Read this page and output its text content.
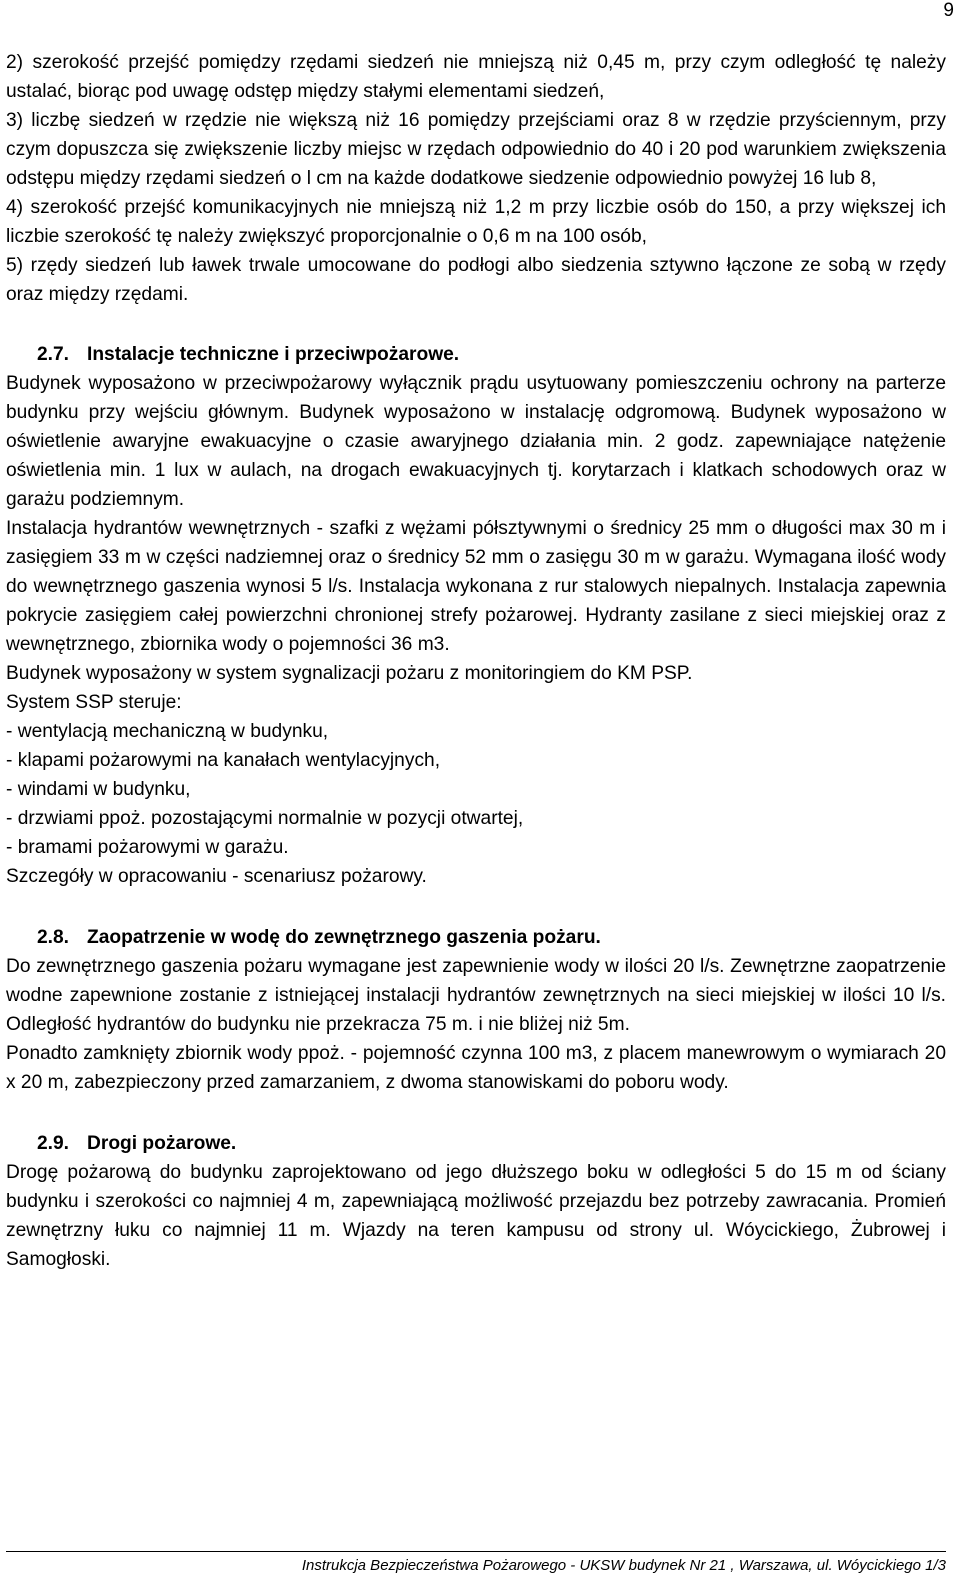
9

2) szerokość przejść pomiędzy rzędami siedzeń nie mniejszą niż 0,45 m, przy czym odległość tę należy ustalać, biorąc pod uwagę odstęp między stałymi elementami siedzeń,

3) liczbę siedzeń w rzędzie nie większą niż 16 pomiędzy przejściami oraz 8 w rzędzie przyściennym, przy czym dopuszcza się zwiększenie liczby miejsc w rzędach odpowiednio do 40 i 20 pod warunkiem zwiększenia odstępu między rzędami siedzeń o l cm na każde dodatkowe siedzenie odpowiednio powyżej 16 lub 8,

4) szerokość przejść komunikacyjnych nie mniejszą niż 1,2 m przy liczbie osób do 150, a przy większej ich liczbie szerokość tę należy zwiększyć proporcjonalnie o 0,6 m na 100 osób,

5) rzędy siedzeń lub ławek trwale umocowane do podłogi albo siedzenia sztywno łączone ze sobą w rzędy oraz między rzędami.

2.7. Instalacje techniczne i przeciwpożarowe.

Budynek wyposażono w przeciwpożarowy wyłącznik prądu usytuowany pomieszczeniu ochrony na parterze budynku przy wejściu głównym. Budynek wyposażono w instalację odgromową. Budynek wyposażono w oświetlenie awaryjne ewakuacyjne o czasie awaryjnego działania min. 2 godz. zapewniające natężenie oświetlenia min. 1 lux w aulach, na drogach ewakuacyjnych tj. korytarzach i klatkach schodowych oraz w garażu podziemnym.

Instalacja hydrantów wewnętrznych - szafki z wężami półsztywnymi o średnicy 25 mm o długości max 30 m i zasięgiem 33 m w części nadziemnej oraz o średnicy 52 mm o zasięgu 30 m w garażu. Wymagana ilość wody do wewnętrznego gaszenia wynosi 5 l/s. Instalacja wykonana z rur stalowych niepalnych. Instalacja zapewnia pokrycie zasięgiem całej powierzchni chronionej strefy pożarowej. Hydranty zasilane z sieci miejskiej oraz z wewnętrznego, zbiornika wody o pojemności 36 m3.

Budynek wyposażony w system sygnalizacji pożaru z monitoringiem do KM PSP.

System SSP steruje:

- wentylacją mechaniczną w budynku,

- klapami pożarowymi na kanałach wentylacyjnych,

- windami w budynku,

- drzwiami ppoż. pozostającymi normalnie w pozycji otwartej,

- bramami pożarowymi w garażu.

Szczegóły w opracowaniu - scenariusz pożarowy.

2.8. Zaopatrzenie w wodę do zewnętrznego gaszenia pożaru.

Do zewnętrznego gaszenia pożaru wymagane jest zapewnienie wody w ilości 20 l/s. Zewnętrzne zaopatrzenie wodne zapewnione zostanie z istniejącej instalacji hydrantów zewnętrznych na sieci miejskiej w ilości 10 l/s. Odległość hydrantów do budynku nie przekracza 75 m. i nie bliżej niż 5m.

Ponadto zamknięty zbiornik wody ppoż. - pojemność czynna 100 m3, z placem manewrowym o wymiarach 20 x 20 m, zabezpieczony przed zamarzaniem, z dwoma stanowiskami do poboru wody.

2.9. Drogi pożarowe.

Drogę pożarową do budynku zaprojektowano od jego dłuższego boku w odległości 5 do 15 m od ściany budynku i szerokości co najmniej 4 m, zapewniającą możliwość przejazdu bez potrzeby zawracania. Promień zewnętrzny łuku co najmniej 11 m. Wjazdy na teren kampusu od strony ul. Wóycickiego, Żubrowej i Samogłoski.

Instrukcja Bezpieczeństwa Pożarowego - UKSW budynek Nr 21 , Warszawa, ul. Wóycickiego 1/3
